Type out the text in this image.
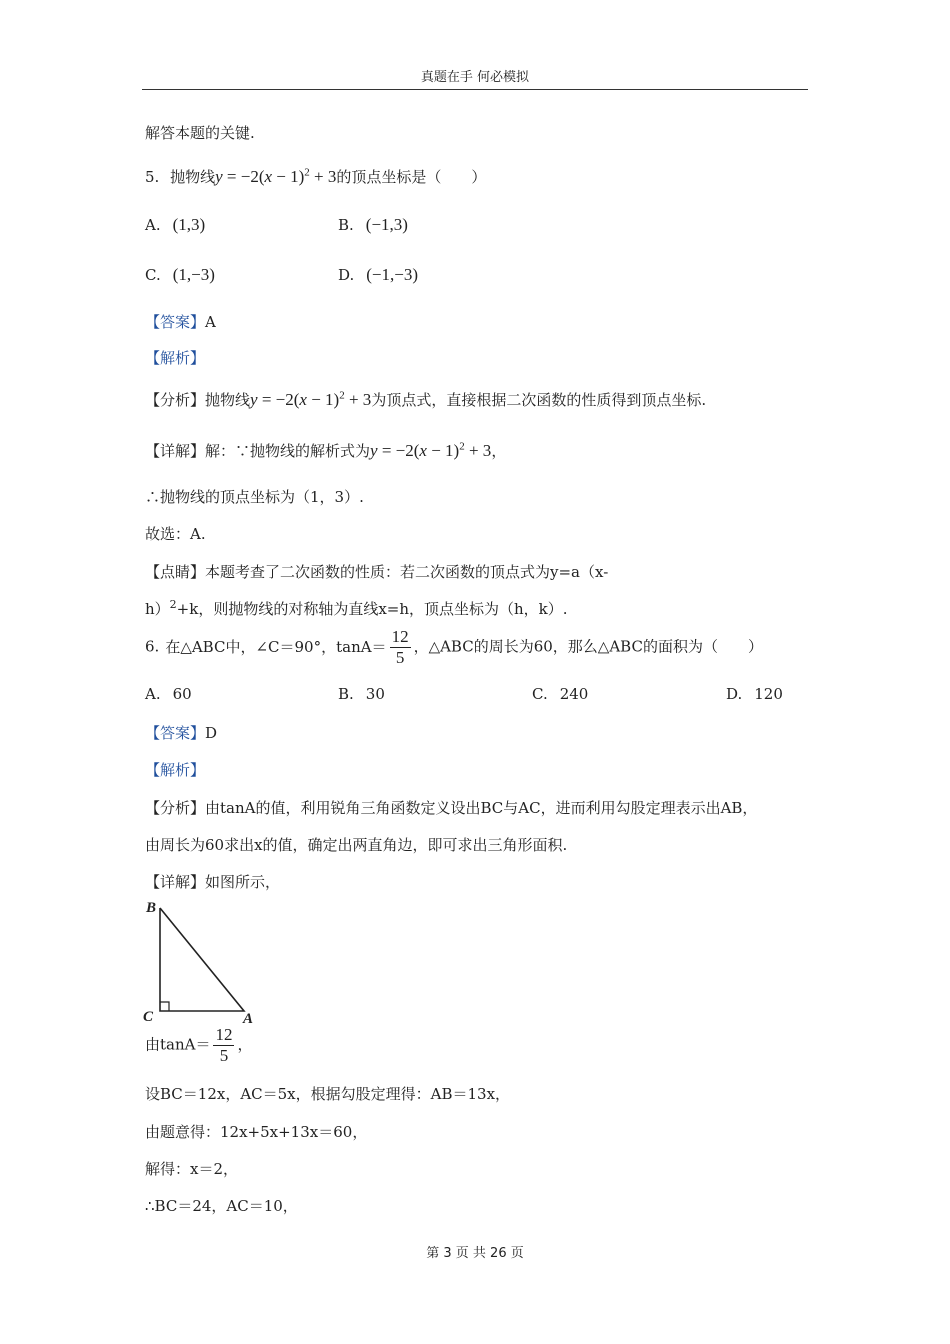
真题在手 何必模拟
解答本题的关键.
5. 抛物线$y = -2(x - 1)^2 + 3$的顶点坐标是（　　）
A. (1,3)	B. (−1,3)
C. (1,−3)	D. (−1,−3)
【答案】A
【解析】
【分析】抛物线$y = -2(x - 1)^2 + 3$为顶点式，直接根据二次函数的性质得到顶点坐标.
【详解】解：∵抛物线的解析式为$y = -2(x - 1)^2 + 3$，
∴抛物线的顶点坐标为（1，3）.
故选：A.
【点睛】本题考查了二次函数的性质：若二次函数的顶点式为y=a（x-
h）$^2$+k，则抛物线的对称轴为直线x=h，顶点坐标为（h，k）.
6. 在△ABC中，∠C＝90°，$\tan A= \frac{12}{5}$ ，△ABC的周长为60，那么△ABC的面积为（　　）
A. 60	B. 30	C. 240	D. 120
【答案】D
【解析】
【分析】由tanA的值，利用锐角三角函数定义设出BC与AC，进而利用勾股定理表示出AB，
由周长为60求出x的值，确定出两直角边，即可求出三角形面积.
【详解】如图所示，
B
C	A
由$\tan A= \frac{12}{5}$ ，
设BC＝12x，AC＝5x，根据勾股定理得：AB＝13x，
由题意得：12x+5x+13x＝60，
解得：x＝2，
∴BC＝24，AC＝10，
第 3 页 共 26 页
